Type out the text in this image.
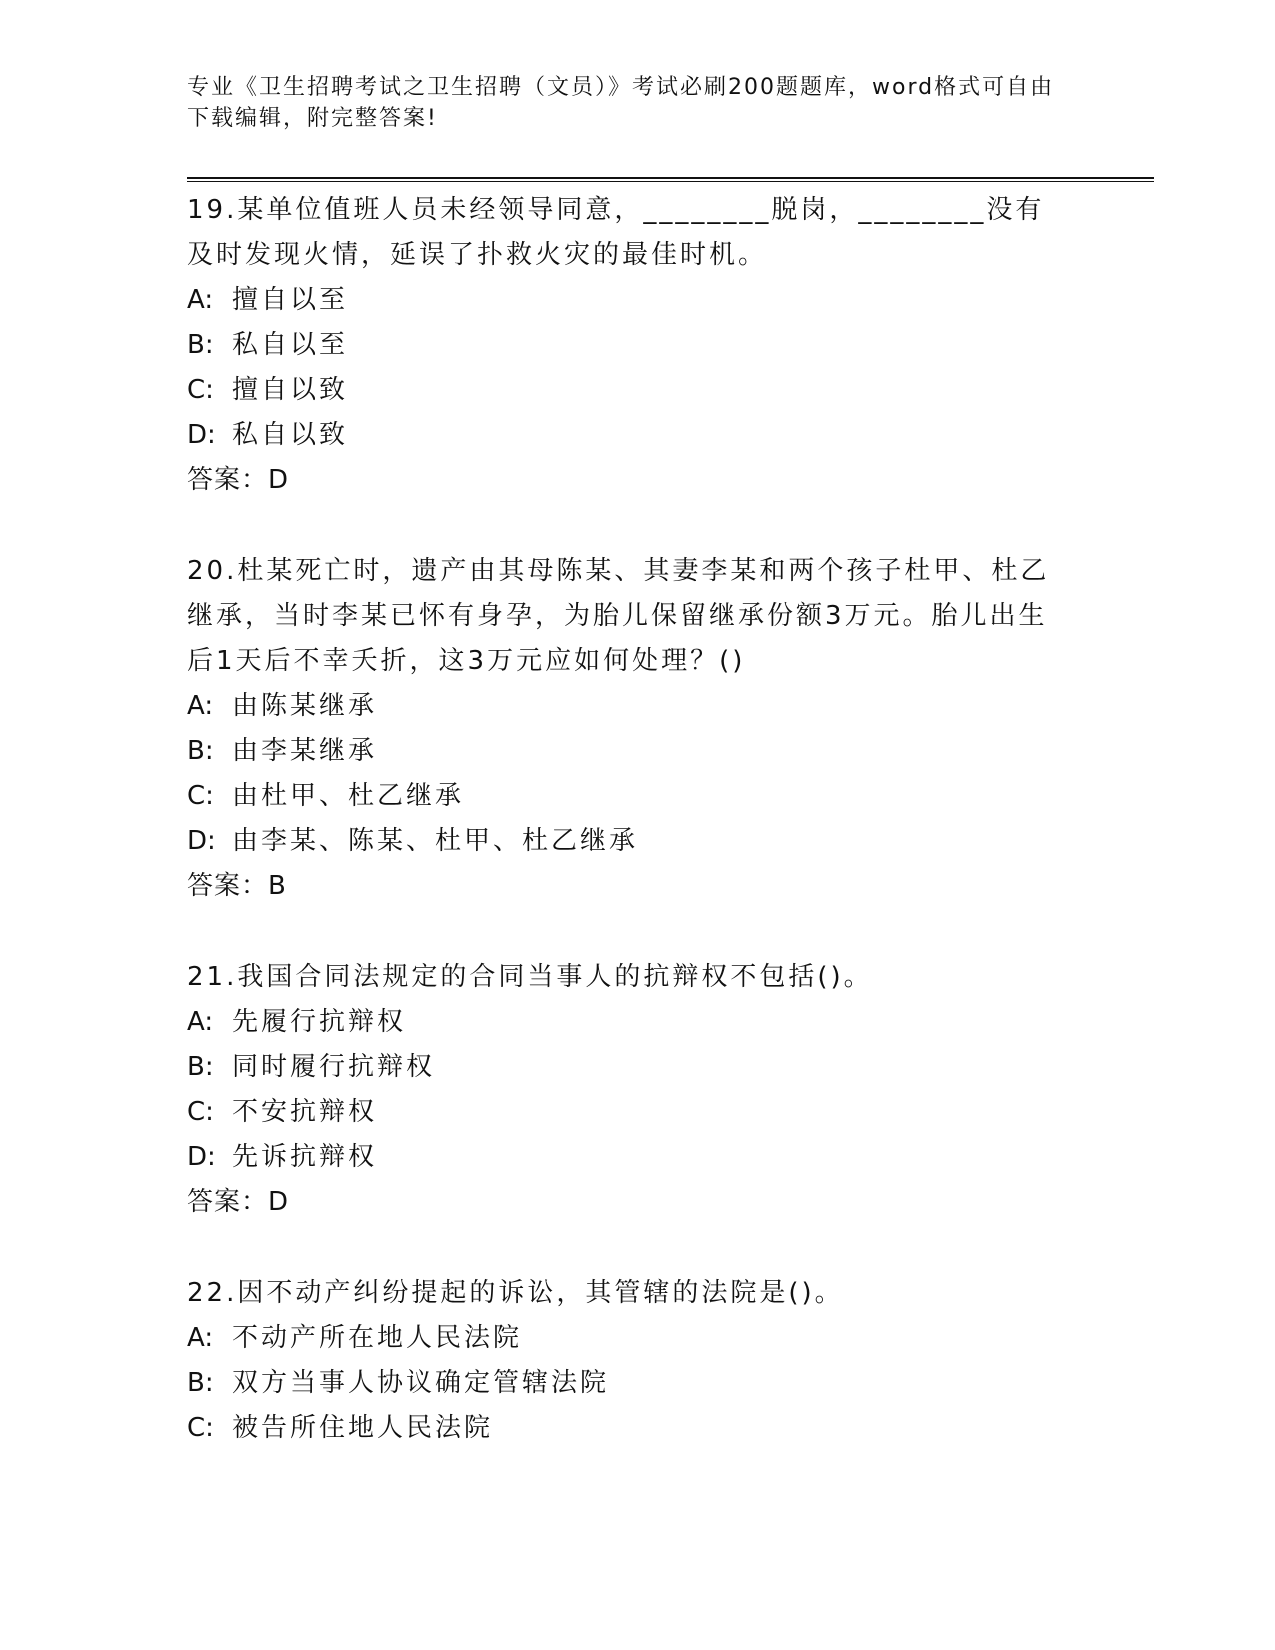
专业《卫生招聘考试之卫生招聘（文员）》考试必刷200题题库，word格式可自由下载编辑，附完整答案!
19.某单位值班人员未经领导同意，________脱岗，________没有及时发现火情，延误了扑救火灾的最佳时机。
A: 擅自以至
B: 私自以至
C: 擅自以致
D: 私自以致
答案：D
20.杜某死亡时，遗产由其母陈某、其妻李某和两个孩子杜甲、杜乙继承，当时李某已怀有身孕，为胎儿保留继承份额3万元。胎儿出生后1天后不幸夭折，这3万元应如何处理？()
A: 由陈某继承
B: 由李某继承
C: 由杜甲、杜乙继承
D: 由李某、陈某、杜甲、杜乙继承
答案：B
21.我国合同法规定的合同当事人的抗辩权不包括()。
A: 先履行抗辩权
B: 同时履行抗辩权
C: 不安抗辩权
D: 先诉抗辩权
答案：D
22.因不动产纠纷提起的诉讼，其管辖的法院是()。
A: 不动产所在地人民法院
B: 双方当事人协议确定管辖法院
C: 被告所住地人民法院
